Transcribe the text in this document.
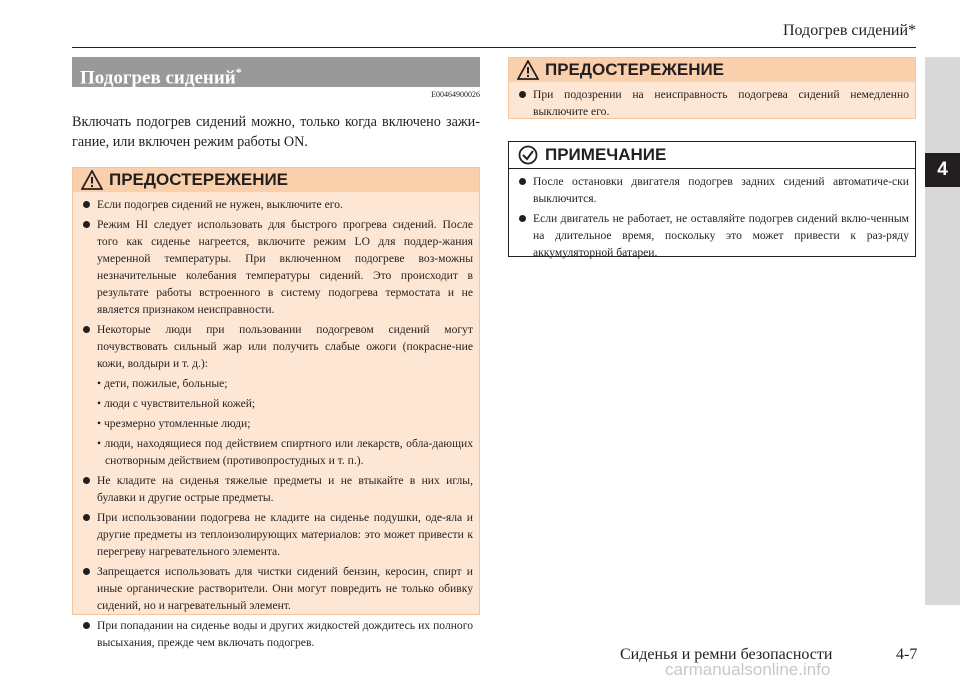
Подогрев сидений*
4
Подогрев сидений*
E00464900026

Включать подогрев сидений можно, только когда включено зажи-гание, или включен режим работы ON.

ПРЕДОСТЕРЕЖЕНИЕ
Если подогрев сидений не нужен, выключите его.
Режим HI следует использовать для быстрого прогрева сидений. После того как сиденье нагреется, включите режим LO для поддер-жания умеренной температуры. При включенном подогреве воз-можны незначительные колебания температуры сидений. Это происходит в результате работы встроенного в систему подогрева термостата и не является признаком неисправности.
Некоторые люди при пользовании подогревом сидений могут почувствовать сильный жар или получить слабые ожоги (покрасне-ние кожи, волдыри и т. д.):
• дети, пожилые, больные;
• люди с чувствительной кожей;
• чрезмерно утомленные люди;
• люди, находящиеся под действием спиртного или лекарств, обла-дающих снотворным действием (противопростудных и т. п.).
Не кладите на сиденья тяжелые предметы и не втыкайте в них иглы, булавки и другие острые предметы.
При использовании подогрева не кладите на сиденье подушки, оде-яла и другие предметы из теплоизолирующих материалов: это может привести к перегреву нагревательного элемента.
Запрещается использовать для чистки сидений бензин, керосин, спирт и иные органические растворители. Они могут повредить не только обивку сидений, но и нагревательный элемент.
При попадании на сиденье воды и других жидкостей дождитесь их полного высыхания, прежде чем включать подогрев.
ПРЕДОСТЕРЕЖЕНИЕ
При подозрении на неисправность подогрева сидений немедленно выключите его.
ПРИМЕЧАНИЕ
После остановки двигателя подогрев задних сидений автоматиче-ски выключится.
Если двигатель не работает, не оставляйте подогрев сидений вклю-ченным на длительное время, поскольку это может привести к раз-ряду аккумуляторной батареи.
Сиденья и ремни безопасности	4-7
carmanualsonline.info
